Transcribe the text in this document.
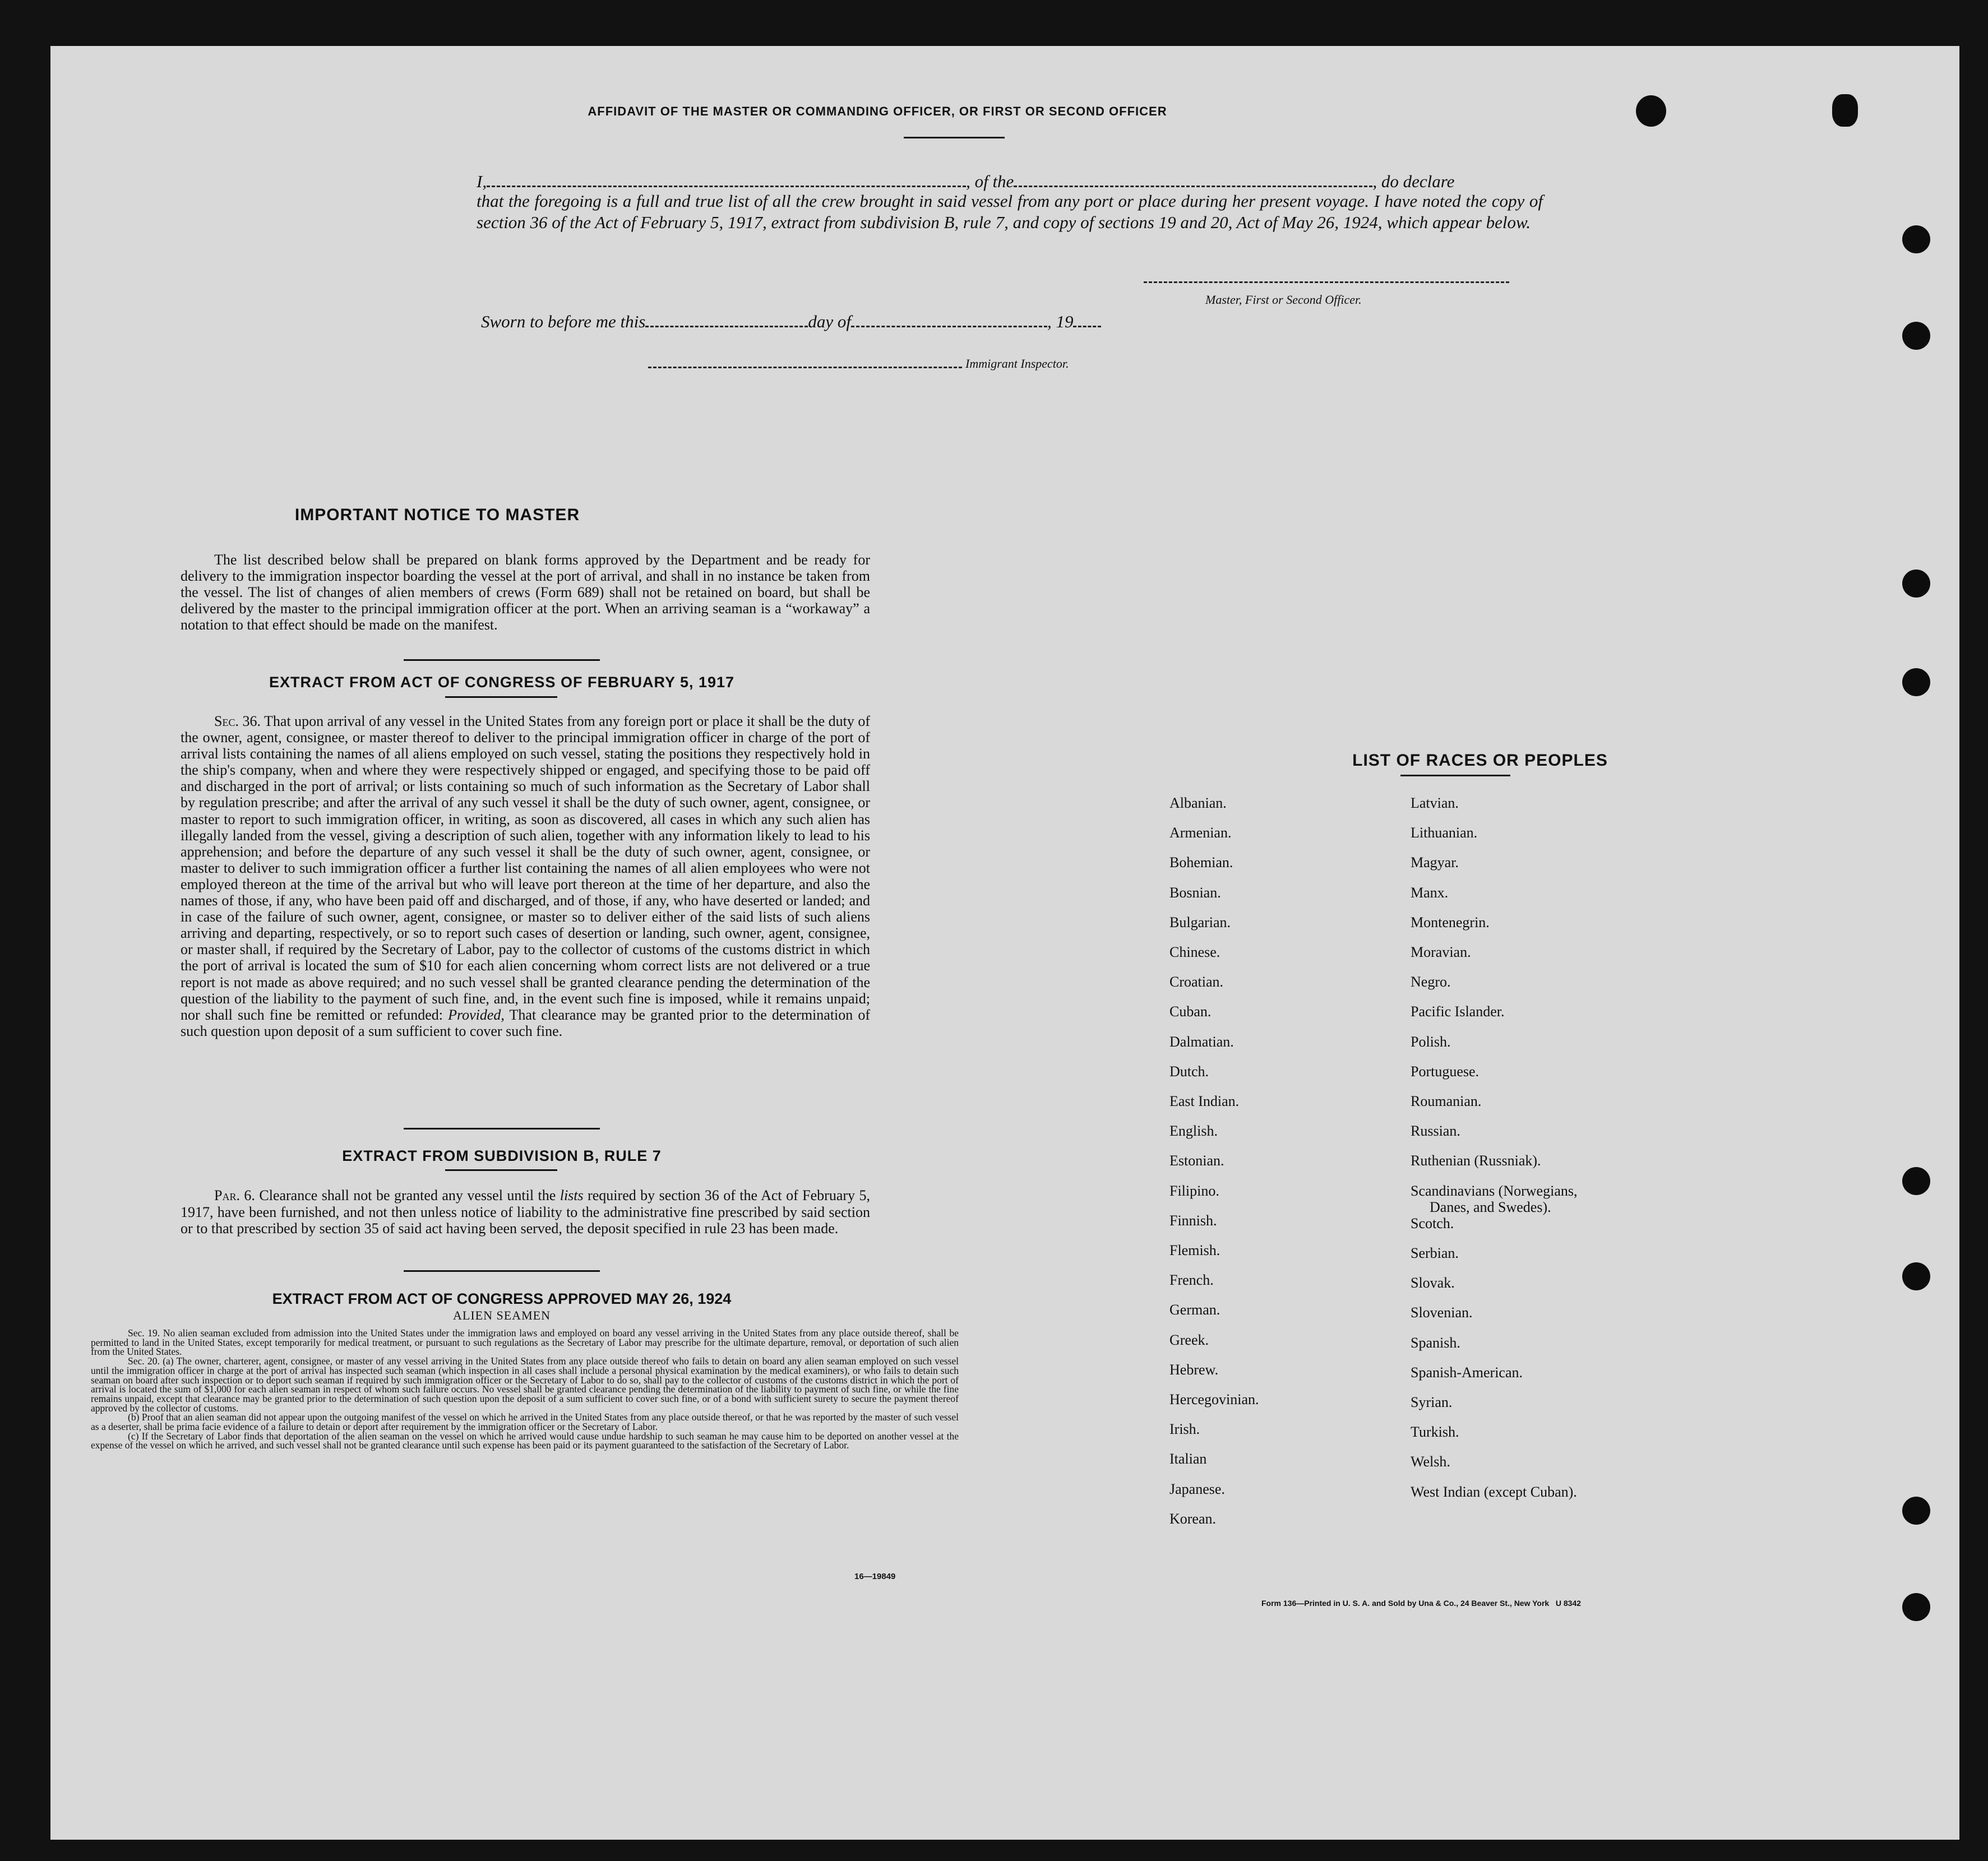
AFFIDAVIT OF THE MASTER OR COMMANDING OFFICER, OR FIRST OR SECOND OFFICER
I,	, of the	, do declare
that the foregoing is a full and true list of all the crew brought in said vessel from any port or place during her present voyage. I have noted the copy of section 36 of the Act of February 5, 1917, extract from subdivision B, rule 7, and copy of sections 19 and 20, Act of May 26, 1924, which appear below.
Master, First or Second Officer.
Sworn to before me this	day of	, 19
Immigrant Inspector.
IMPORTANT NOTICE TO MASTER
The list described below shall be prepared on blank forms approved by the Department and be ready for delivery to the immigration inspector boarding the vessel at the port of arrival, and shall in no instance be taken from the vessel. The list of changes of alien members of crews (Form 689) shall not be retained on board, but shall be delivered by the master to the principal immigration officer at the port. When an arriving seaman is a “workaway” a notation to that effect should be made on the manifest.
EXTRACT FROM ACT OF CONGRESS OF FEBRUARY 5, 1917
Sec. 36. That upon arrival of any vessel in the United States from any foreign port or place it shall be the duty of the owner, agent, consignee, or master thereof to deliver to the principal immigration officer in charge of the port of arrival lists containing the names of all aliens employed on such vessel, stating the positions they respectively hold in the ship's company, when and where they were respectively shipped or engaged, and specifying those to be paid off and discharged in the port of arrival; or lists containing so much of such information as the Secretary of Labor shall by regulation prescribe; and after the arrival of any such vessel it shall be the duty of such owner, agent, consignee, or master to report to such immigration officer, in writing, as soon as discovered, all cases in which any such alien has illegally landed from the vessel, giving a description of such alien, together with any information likely to lead to his apprehension; and before the departure of any such vessel it shall be the duty of such owner, agent, consignee, or master to deliver to such immigration officer a further list containing the names of all alien employees who were not employed thereon at the time of the arrival but who will leave port thereon at the time of her departure, and also the names of those, if any, who have been paid off and discharged, and of those, if any, who have deserted or landed; and in case of the failure of such owner, agent, consignee, or master so to deliver either of the said lists of such aliens arriving and departing, respectively, or so to report such cases of desertion or landing, such owner, agent, consignee, or master shall, if required by the Secretary of Labor, pay to the collector of customs of the customs district in which the port of arrival is located the sum of $10 for each alien concerning whom correct lists are not delivered or a true report is not made as above required; and no such vessel shall be granted clearance pending the determination of the question of the liability to the payment of such fine, and, in the event such fine is imposed, while it remains unpaid; nor shall such fine be remitted or refunded: Provided, That clearance may be granted prior to the determination of such question upon deposit of a sum sufficient to cover such fine.
EXTRACT FROM SUBDIVISION B, RULE 7
Par. 6. Clearance shall not be granted any vessel until the lists required by section 36 of the Act of February 5, 1917, have been furnished, and not then unless notice of liability to the administrative fine prescribed by said section or to that prescribed by section 35 of said act having been served, the deposit specified in rule 23 has been made.
EXTRACT FROM ACT OF CONGRESS APPROVED MAY 26, 1924
ALIEN SEAMEN
Sec. 19. No alien seaman excluded from admission into the United States under the immigration laws and employed on board any vessel arriving in the United States from any place outside thereof, shall be permitted to land in the United States, except temporarily for medical treatment, or pursuant to such regulations as the Secretary of Labor may prescribe for the ultimate departure, removal, or deportation of such alien from the United States.
Sec. 20. (a) The owner, charterer, agent, consignee, or master of any vessel arriving in the United States from any place outside thereof who fails to detain on board any alien seaman employed on such vessel until the immigration officer in charge at the port of arrival has inspected such seaman (which inspection in all cases shall include a personal physical examination by the medical examiners), or who fails to detain such seaman on board after such inspection or to deport such seaman if required by such immigration officer or the Secretary of Labor to do so, shall pay to the collector of customs of the customs district in which the port of arrival is located the sum of $1,000 for each alien seaman in respect of whom such failure occurs. No vessel shall be granted clearance pending the determination of the liability to payment of such fine, or while the fine remains unpaid, except that clearance may be granted prior to the determination of such question upon the deposit of a sum sufficient to cover such fine, or of a bond with sufficient surety to secure the payment thereof approved by the collector of customs.
(b) Proof that an alien seaman did not appear upon the outgoing manifest of the vessel on which he arrived in the United States from any place outside thereof, or that he was reported by the master of such vessel as a deserter, shall be prima facie evidence of a failure to detain or deport after requirement by the immigration officer or the Secretary of Labor.
(c) If the Secretary of Labor finds that deportation of the alien seaman on the vessel on which he arrived would cause undue hardship to such seaman he may cause him to be deported on another vessel at the expense of the vessel on which he arrived, and such vessel shall not be granted clearance until such expense has been paid or its payment guaranteed to the satisfaction of the Secretary of Labor.
16—19849
LIST OF RACES OR PEOPLES
Albanian.
Armenian.
Bohemian.
Bosnian.
Bulgarian.
Chinese.
Croatian.
Cuban.
Dalmatian.
Dutch.
East Indian.
English.
Estonian.
Filipino.
Finnish.
Flemish.
French.
German.
Greek.
Hebrew.
Hercegovinian.
Irish.
Italian
Japanese.
Korean.
Latvian.
Lithuanian.
Magyar.
Manx.
Montenegrin.
Moravian.
Negro.
Pacific Islander.
Polish.
Portuguese.
Roumanian.
Russian.
Ruthenian (Russniak).
Scandinavians (Norwegians,
Danes, and Swedes).
Scotch.
Serbian.
Slovak.
Slovenian.
Spanish.
Spanish-American.
Syrian.
Turkish.
Welsh.
West Indian (except Cuban).
Form 136—Printed in U. S. A. and Sold by Una & Co., 24 Beaver St., New York   U 8342
